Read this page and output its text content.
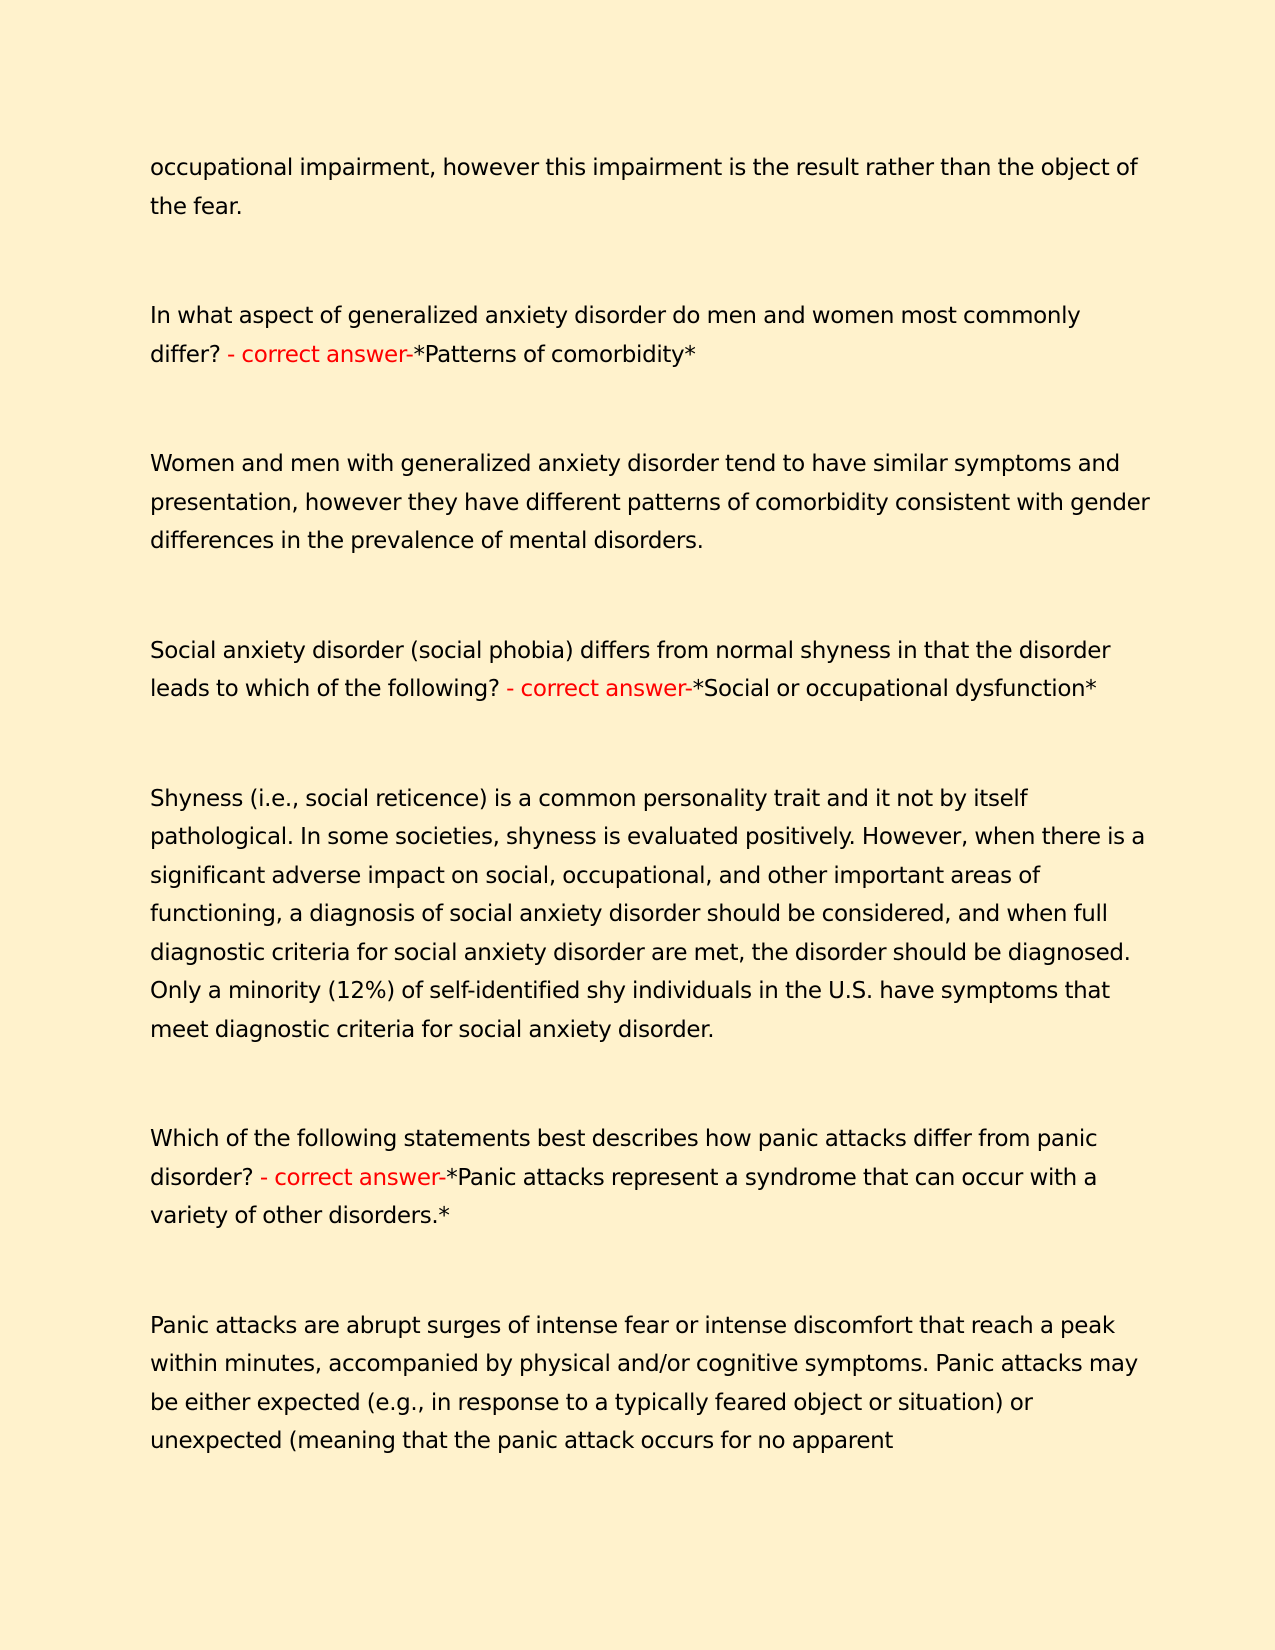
occupational impairment, however this impairment is the result rather than the object of the fear.

In what aspect of generalized anxiety disorder do men and women most commonly differ? - correct answer-*Patterns of comorbidity*

Women and men with generalized anxiety disorder tend to have similar symptoms and presentation, however they have different patterns of comorbidity consistent with gender differences in the prevalence of mental disorders.

Social anxiety disorder (social phobia) differs from normal shyness in that the disorder leads to which of the following? - correct answer-*Social or occupational dysfunction*

Shyness (i.e., social reticence) is a common personality trait and it not by itself pathological. In some societies, shyness is evaluated positively. However, when there is a significant adverse impact on social, occupational, and other important areas of functioning, a diagnosis of social anxiety disorder should be considered, and when full diagnostic criteria for social anxiety disorder are met, the disorder should be diagnosed. Only a minority (12%) of self-identified shy individuals in the U.S. have symptoms that meet diagnostic criteria for social anxiety disorder.

Which of the following statements best describes how panic attacks differ from panic disorder? - correct answer-*Panic attacks represent a syndrome that can occur with a variety of other disorders.*

Panic attacks are abrupt surges of intense fear or intense discomfort that reach a peak within minutes, accompanied by physical and/or cognitive symptoms. Panic attacks may be either expected (e.g., in response to a typically feared object or situation) or unexpected (meaning that the panic attack occurs for no apparent
